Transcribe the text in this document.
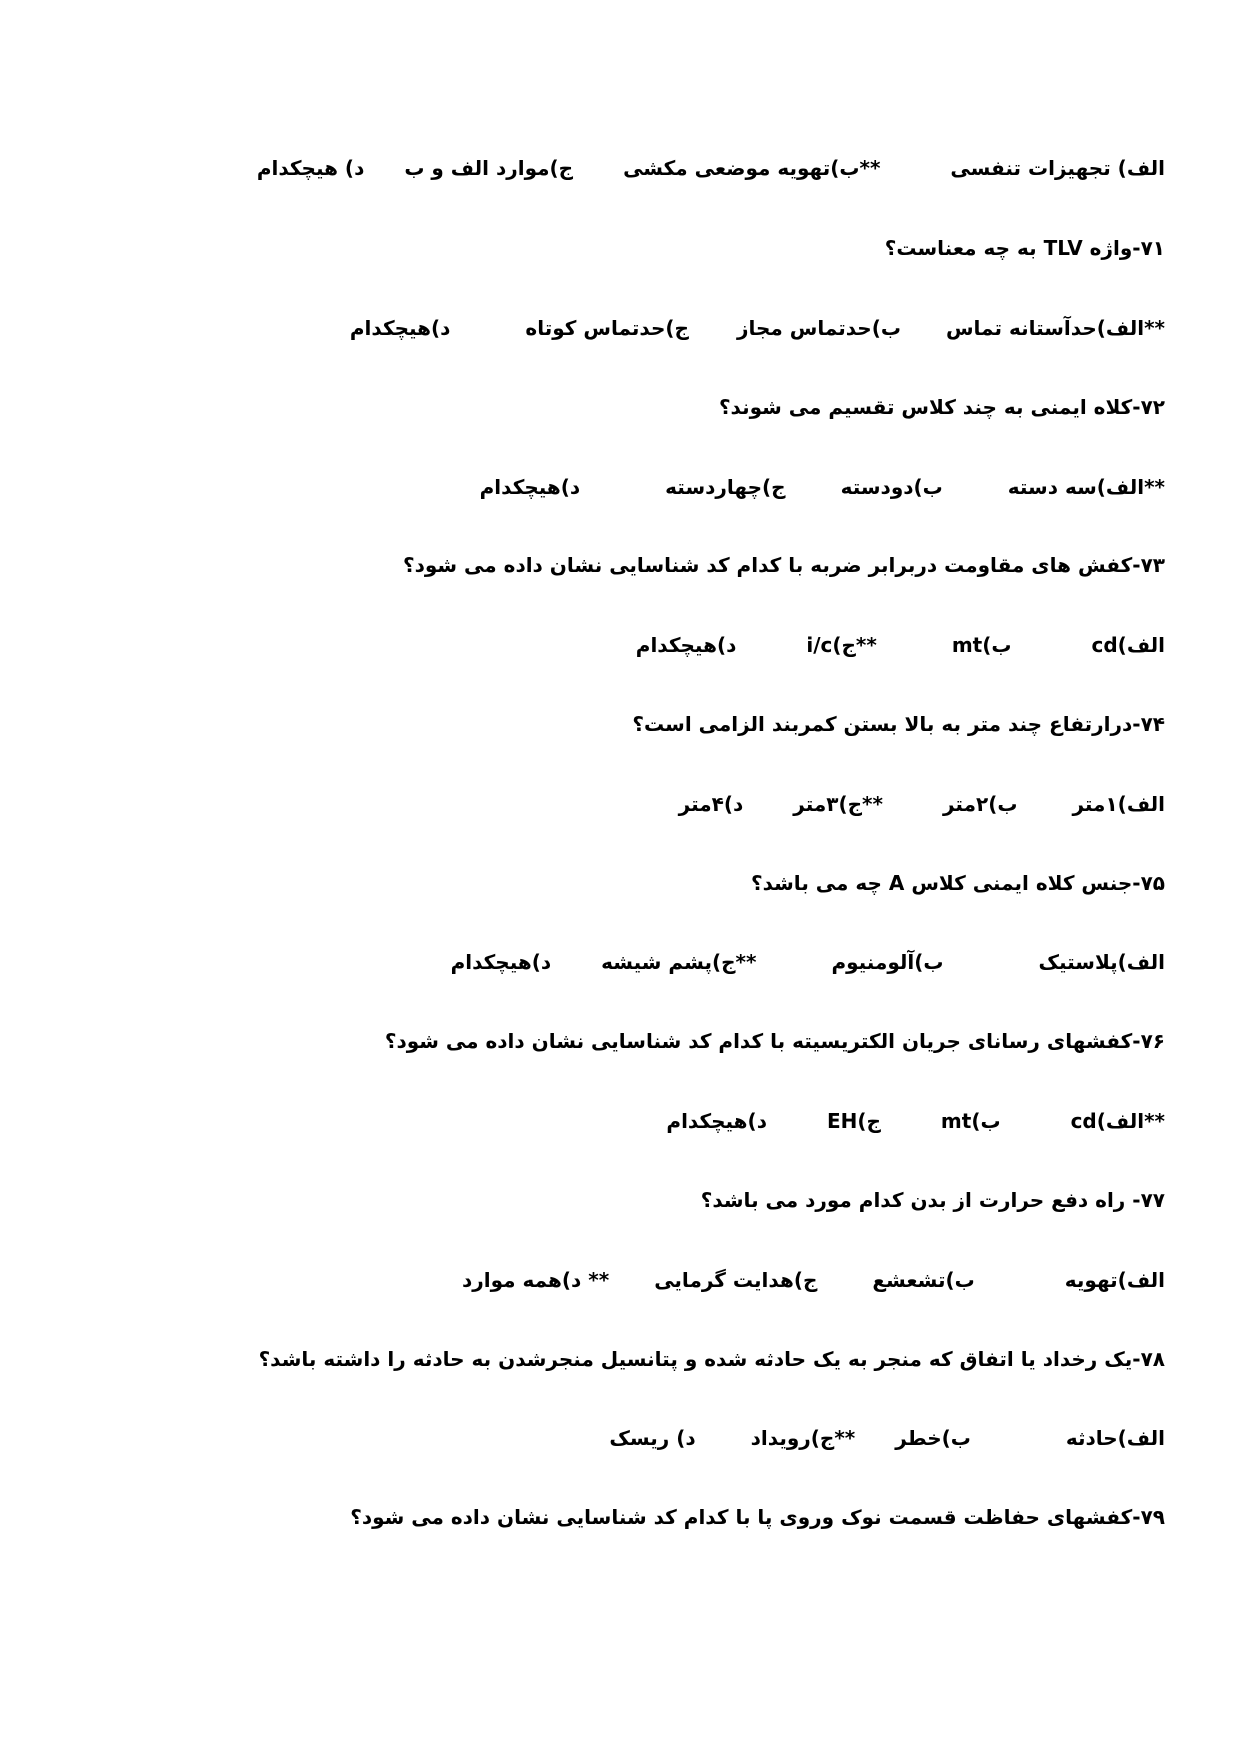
الف) تجهیزات تنفسی
**ب)تهویه موضعی مکشی
ج)موارد الف و ب
د) هیچکدام
۷۱-واژه TLV به چه معناست؟
**الف)حدآستانه تماس
ب)حدتماس مجاز
ج)حدتماس کوتاه
د)هیچکدام
۷۲-کلاه ایمنی به چند کلاس تقسیم می شوند؟
**الف)سه دسته
ب)دودسته
ج)چهاردسته
د)هیچکدام
۷۳-کفش های مقاومت دربرابر ضربه با کدام کد شناسایی نشان داده می شود؟
الف)cd
ب)mt
**ج)i/c
د)هیچکدام
۷۴-درارتفاع چند متر به بالا بستن کمربند الزامی است؟
الف)۱متر
ب)۲متر
**ج)۳متر
د)۴متر
۷۵-جنس کلاه ایمنی کلاس A چه می باشد؟
الف)پلاستیک
ب)آلومنیوم
**ج)پشم شیشه
د)هیچکدام
۷۶-کفشهای رسانای جریان الکتریسیته با کدام کد شناسایی نشان داده می شود؟
**الف)cd
ب)mt
ج)EH
د)هیچکدام
۷۷- راه دفع حرارت از بدن کدام مورد می باشد؟
الف)تهویه
ب)تشعشع
ج)هدایت گرمایی
** د)همه موارد
۷۸-یک رخداد یا اتفاق که منجر به یک حادثه شده و پتانسیل منجرشدن به حادثه را داشته باشد؟
الف)حادثه
ب)خطر
**ج)رویداد
د) ریسک
۷۹-کفشهای حفاظت قسمت نوک وروی پا با کدام کد شناسایی نشان داده می شود؟
